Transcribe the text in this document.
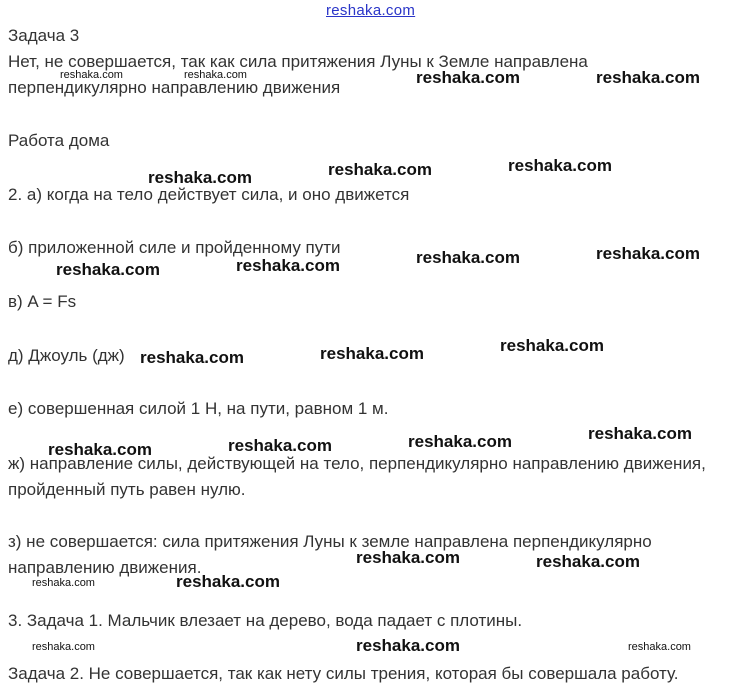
reshaka.com
Задача 3
Нет, не совершается, так как сила притяжения Луны к Земле направлена
перпендикулярно направлению движения
Работа дома
2. а) когда на тело действует сила, и оно движется
б) приложенной силе и пройденному пути
в) A = Fs
д) Джоуль (дж)
е) совершенная силой 1 Н, на пути, равном 1 м.
ж) направление силы, действующей на тело, перпендикулярно направлению движения,
пройденный путь равен нулю.
з) не совершается: сила притяжения Луны к земле направлена перпендикулярно
направлению движения.
3. Задача 1. Мальчик влезает на дерево, вода падает с плотины.
Задача 2. Не совершается, так как нету силы трения, которая бы совершала работу.
reshaka.com	reshaka.com	reshaka.com	reshaka.com
reshaka.com	reshaka.com	reshaka.com
reshaka.com	reshaka.com	reshaka.com	reshaka.com
reshaka.com	reshaka.com	reshaka.com
reshaka.com	reshaka.com	reshaka.com	reshaka.com
reshaka.com	reshaka.com
reshaka.com	reshaka.com
reshaka.com	reshaka.com	reshaka.com
